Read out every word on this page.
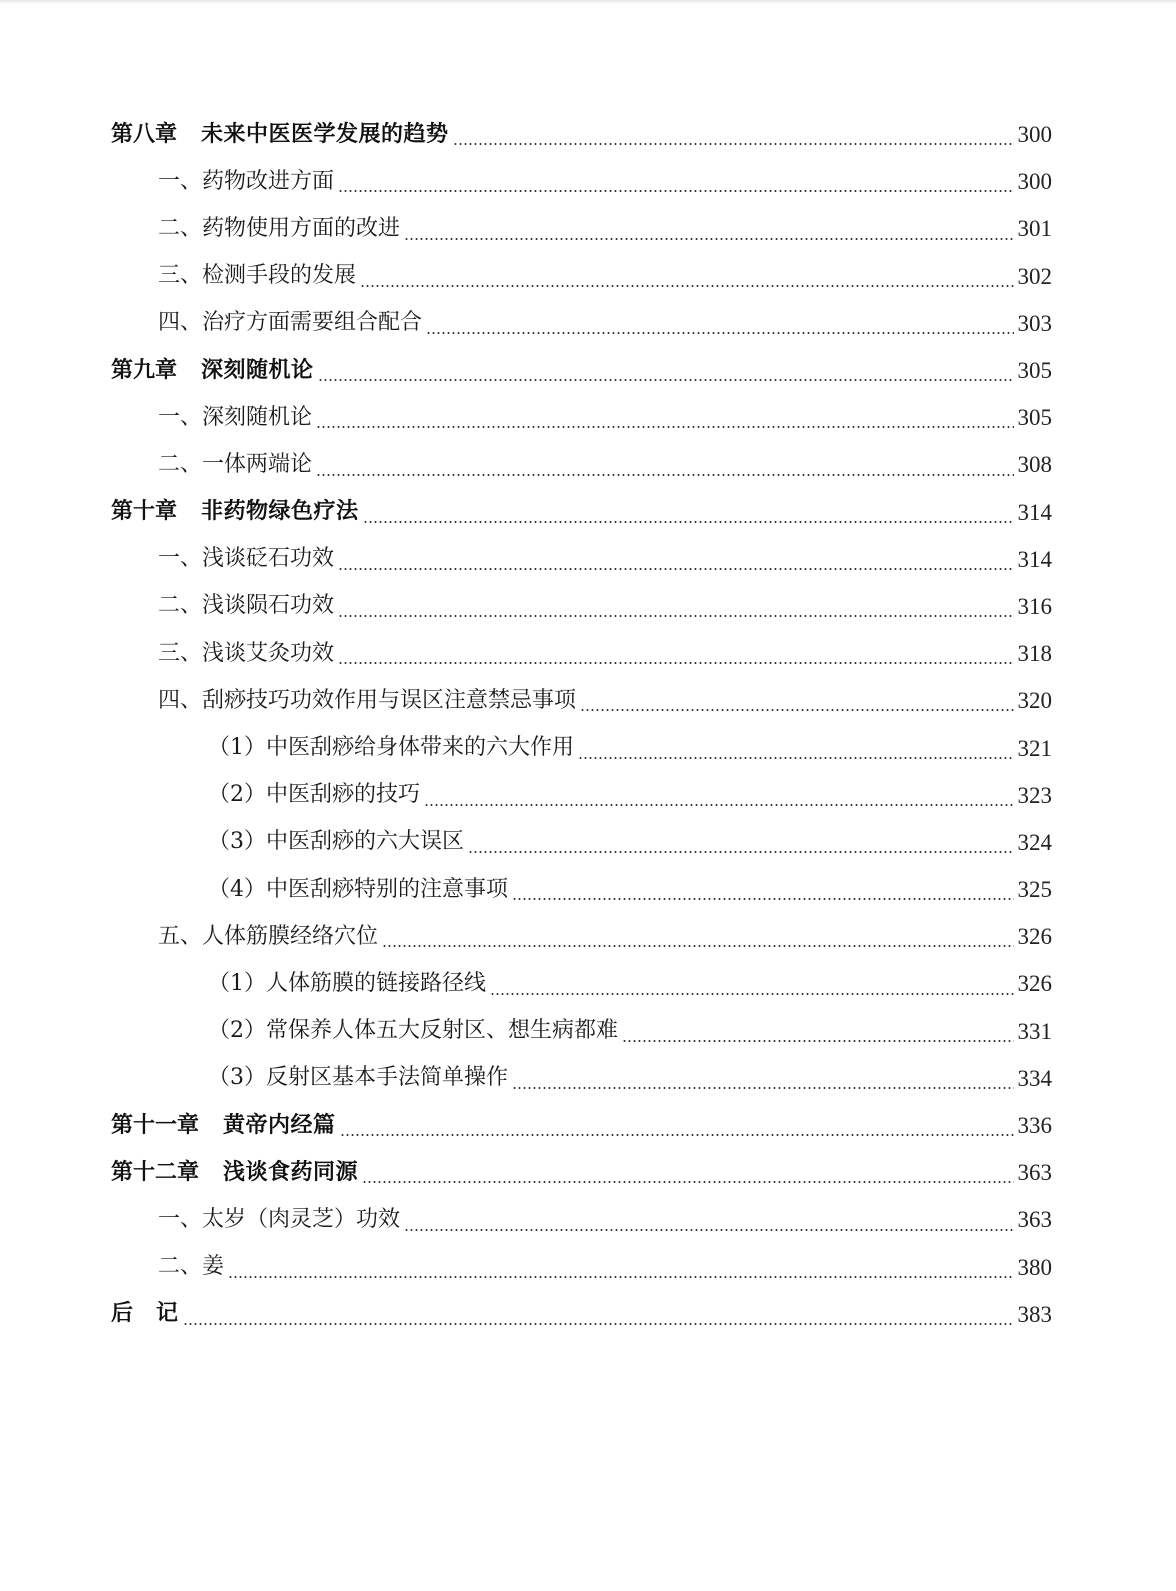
第八章 未来中医医学发展的趋势	300
一、药物改进方面	300
二、药物使用方面的改进	301
三、检测手段的发展	302
四、治疗方面需要组合配合	303
第九章 深刻随机论	305
一、深刻随机论	305
二、一体两端论	308
第十章 非药物绿色疗法	314
一、浅谈砭石功效	314
二、浅谈陨石功效	316
三、浅谈艾灸功效	318
四、刮痧技巧功效作用与误区注意禁忌事项	320
（1）中医刮痧给身体带来的六大作用	321
（2）中医刮痧的技巧	323
（3）中医刮痧的六大误区	324
（4）中医刮痧特别的注意事项	325
五、人体筋膜经络穴位	326
（1）人体筋膜的链接路径线	326
（2）常保养人体五大反射区、想生病都难	331
（3）反射区基本手法简单操作	334
第十一章 黄帝内经篇	336
第十二章 浅谈食药同源	363
一、太岁（肉灵芝）功效	363
二、姜	380
后　记	383
